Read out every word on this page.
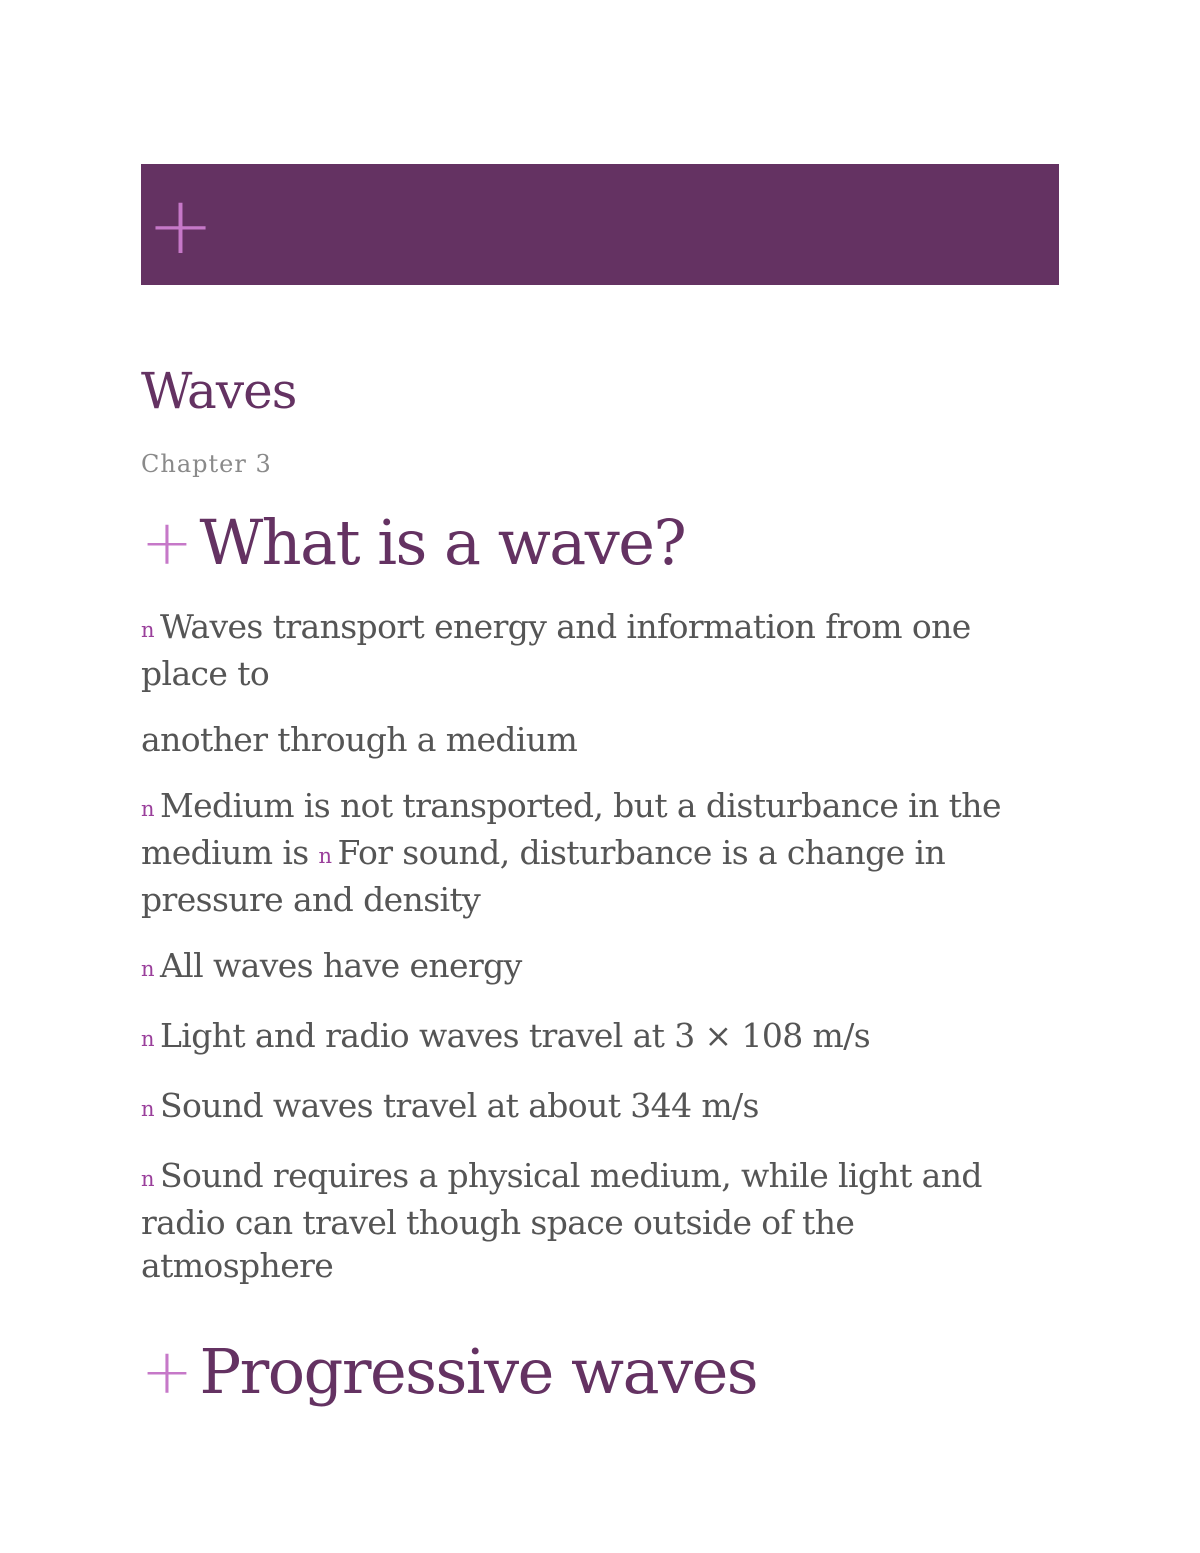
+
Waves

Chapter 3

+ What is a wave?

n Waves transport energy and information from one place to

another through a medium

n Medium is not transported, but a disturbance in the medium is n For sound, disturbance is a change in pressure and density

n All waves have energy

n Light and radio waves travel at 3 × 108 m/s

n Sound waves travel at about 344 m/s

n Sound requires a physical medium, while light and radio can travel though space outside of the atmosphere

+ Progressive waves
